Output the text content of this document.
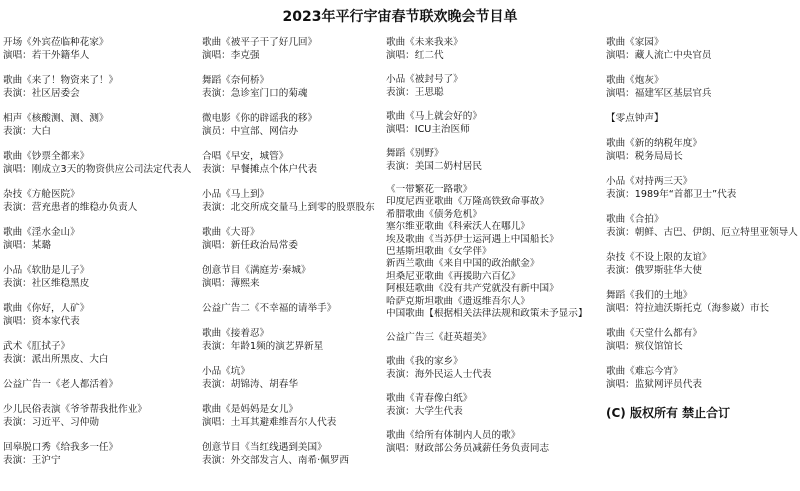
2023年平行宇宙春节联欢晚会节目单
开场《外宾莅临种花家》
演唱：若干外籍华人
歌曲《来了！物资来了！》
表演：社区居委会
相声《核酸测、测、测》
表演：大白
歌曲《钞票全都来》
演唱：刚成立3天的物资供应公司法定代表人
杂技《方舱医院》
表演：营充患者的维稳办负责人
歌曲《淫水金山》
演唱：某璐
小品《软肋是儿子》
表演：社区维稳黑皮
歌曲《你好，人矿》
演唱：资本家代表
武术《肛拭子》
表演：派出所黑皮、大白
公益广告一《老人都活着》
少儿民俗表演《爷爷帮我批作业》
表演：习近平、习仲勋
回皋脱口秀《给我多一任》
表演：王沪宁
歌曲《被平子干了好几回》
演唱：李克强
舞蹈《奈何桥》
表演：急诊室门口的菊魂
微电影《你的辟谣我的移》
演员：中宣部、网信办
合唱《早安，城管》
表演：早餐摊点个体户代表
小品《马上到》
表演：北交所成交量马上到零的股票股东
歌曲《大哥》
演唱：新任政治局常委
创意节目《满庭芳·秦城》
演唱：薄熙来
公益广告二《不幸福的请举手》
歌曲《接着忍》
表演：年龄1频的演艺界新星
小品《坑》
表演：胡锦涛、胡春华
歌曲《是妈妈是女儿》
演唱：土耳其避难维吾尔人代表
创意节目《当红线遇到美国》
表演：外交部发言人、南希·佩罗西
歌曲《未来我来》
演唱：红二代
小品《被封号了》
表演：王思聪
歌曲《马上就会好的》
演唱：ICU主治医师
舞蹈《别野》
表演：美国二奶村居民
《一带繁花一路歌》
印度尼西亚歌曲《万隆高铁致命事故》
希腊歌曲《债务危机》
塞尔维亚歌曲《科索沃人在哪儿》
埃及歌曲《当苏伊士运河遇上中国船长》
巴基斯坦歌曲《女学伴》
新西兰歌曲《来自中国的政治献金》
坦桑尼亚歌曲《再援助六百亿》
阿根廷歌曲《没有共产党就没有新中国》
哈萨克斯坦歌曲《遗返维吾尔人》
中国歌曲【根据相关法律法规和政策未予显示】
公益广告三《赶英超美》
歌曲《我的家乡》
表演：海外民运人士代表
歌曲《青春像白纸》
表演：大学生代表
歌曲《给所有体制内人员的歌》
演唱：财政部公务员减薪任务负责同志
歌曲《家园》
演唱：藏人流亡中央官员
歌曲《炮灰》
演唱：福建军区基层官兵
【零点钟声】
歌曲《新的纳税年度》
演唱：税务局局长
小品《对持两三天》
表演：1989年“首都卫士”代表
歌曲《合拍》
表演：朝鲜、古巴、伊朗、厄立特里亚领导人
杂技《不设上限的友谊》
表演：俄罗斯驻华大使
舞蹈《我们的土地》
演唱：符拉迪沃斯托克（海参崴）市长
歌曲《天堂什么都有》
演唱：殡仪馆馆长
歌曲《难忘今宵》
演唱：监狱网评员代表
(C) 版权所有 禁止合订
